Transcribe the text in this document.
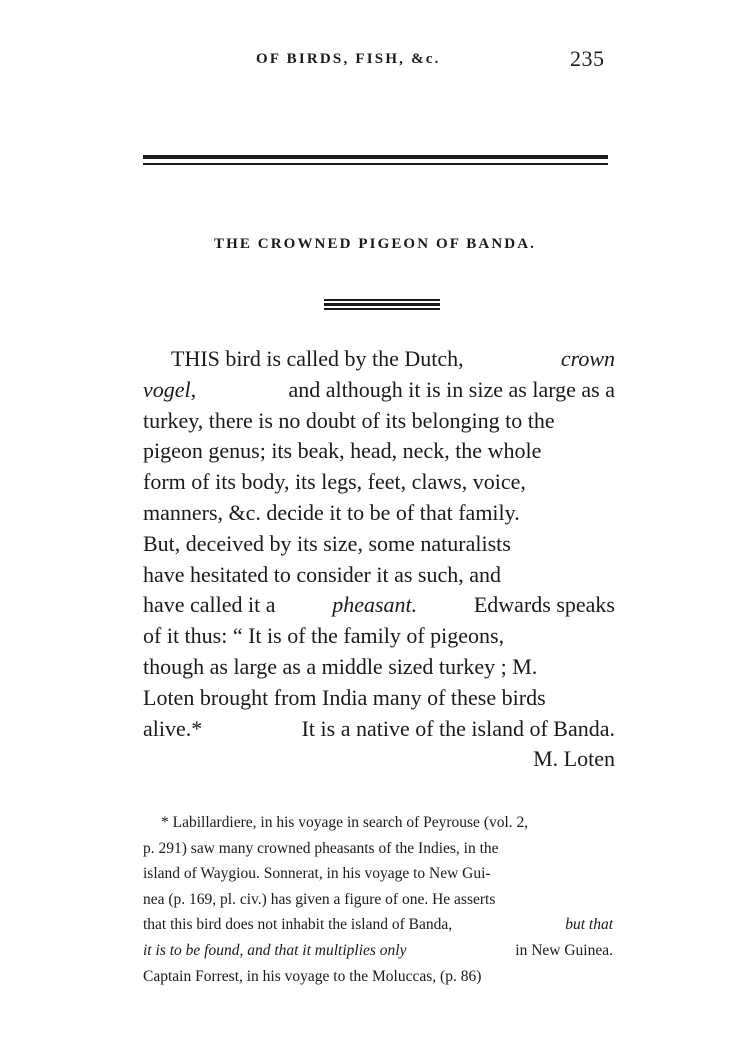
OF BIRDS, FISH, &c.	235
THE CROWNED PIGEON OF BANDA.
THIS bird is called by the Dutch,	crown
vogel,	and although it is in size as large as a
turkey, there is no doubt of its belonging to the
pigeon genus; its beak, head, neck, the whole
form of its body, its legs, feet, claws, voice,
manners, &c. decide it to be of that family.
But, deceived by its size, some naturalists
have hesitated to consider it as such, and
have called it a	pheasant.	Edwards speaks
of it thus: “ It is of the family of pigeons,
though as large as a middle sized turkey ; M.
Loten brought from India many of these birds
alive.*	It is a native of the island of Banda.
M. Loten
* Labillardiere, in his voyage in search of Peyrouse (vol. 2,
p. 291) saw many crowned pheasants of the Indies, in the
island of Waygiou. Sonnerat, in his voyage to New Gui-
nea (p. 169, pl. civ.) has given a figure of one. He asserts
that this bird does not inhabit the island of Banda,	but that
it is to be found, and that it multiplies only	in New Guinea.
Captain Forrest, in his voyage to the Moluccas, (p. 86)
